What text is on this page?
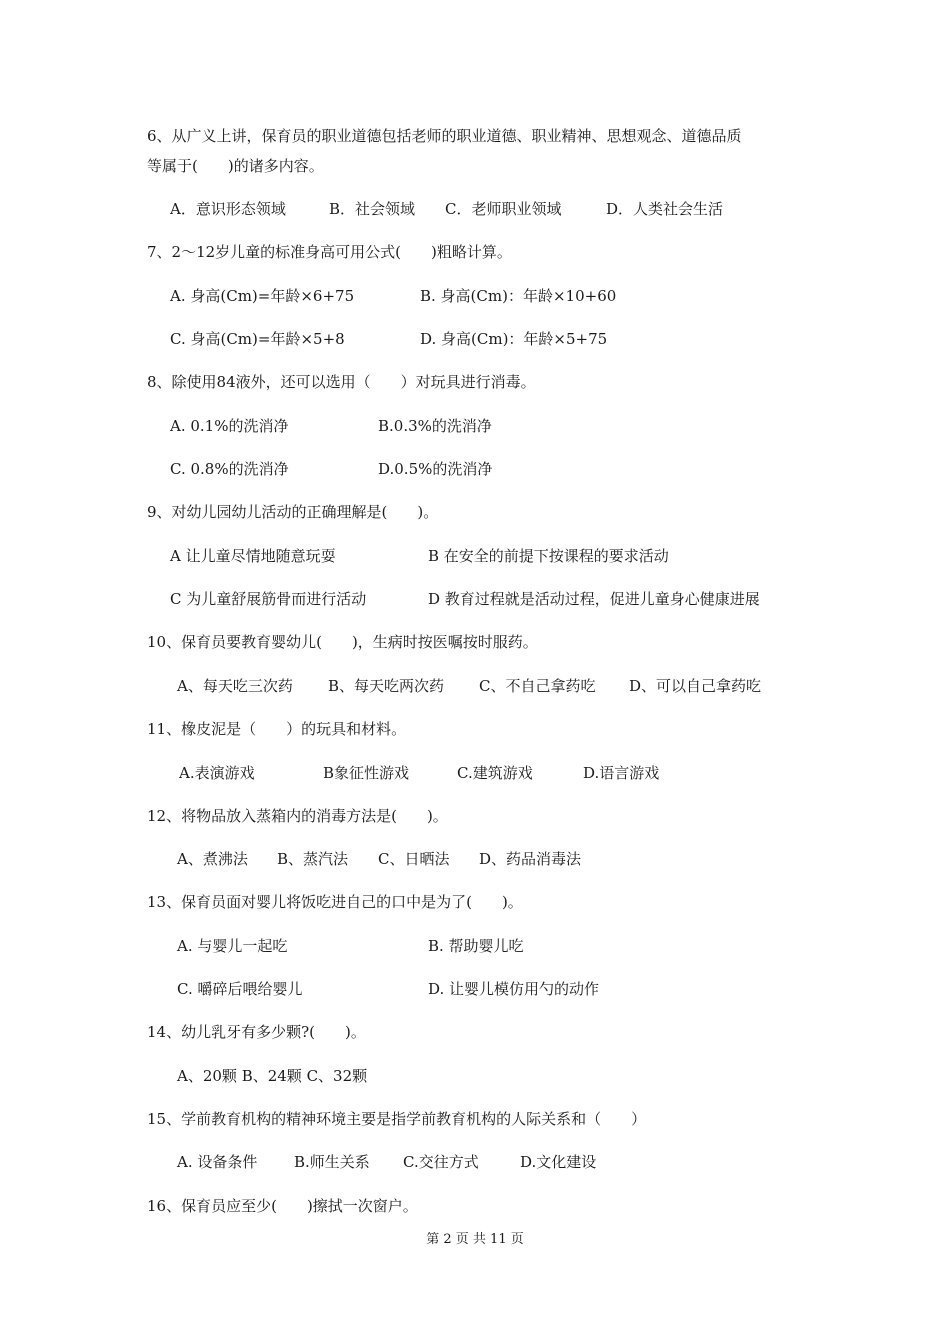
6、从广义上讲，保育员的职业道德包括老师的职业道德、职业精神、思想观念、道德品质
等属于(　　)的诸多内容。
A．意识形态领域	B．社会领域 C．老师职业领域	D．人类社会生活
7、2～12岁儿童的标准身高可用公式(　　)粗略计算。
A. 身高(Cm)=年龄×6+75	B. 身高(Cm)：年龄×10+60
C. 身高(Cm)=年龄×5+8	D. 身高(Cm)：年龄×5+75
8、除使用84液外，还可以选用（　　）对玩具进行消毒。
A. 0.1%的洗消净	B.0.3%的洗消净
C. 0.8%的洗消净	D.0.5%的洗消净
9、对幼儿园幼儿活动的正确理解是(　　)。
A 让儿童尽情地随意玩耍	B 在安全的前提下按课程的要求活动
C 为儿童舒展筋骨而进行活动	D 教育过程就是活动过程，促进儿童身心健康进展
10、保育员要教育婴幼儿(　　)，生病时按医嘱按时服药。
A、每天吃三次药 B、每天吃两次药 C、不自己拿药吃 D、可以自己拿药吃
11、橡皮泥是（　　）的玩具和材料。
A.表演游戏	B象征性游戏	C.建筑游戏	D.语言游戏
12、将物品放入蒸箱内的消毒方法是(　　)。
A、煮沸法 B、蒸汽法 C、日晒法 D、药品消毒法
13、保育员面对婴儿将饭吃进自己的口中是为了(　　)。
A. 与婴儿一起吃	B. 帮助婴儿吃
C. 嚼碎后喂给婴儿	D. 让婴儿模仿用勺的动作
14、幼儿乳牙有多少颗?(　　)。
A、20颗 B、24颗 C、32颗
15、学前教育机构的精神环境主要是指学前教育机构的人际关系和（　　）
A. 设备条件 B.师生关系 C.交往方式	D.文化建设
16、保育员应至少(　　)擦拭一次窗户。
第 2 页 共 11 页
